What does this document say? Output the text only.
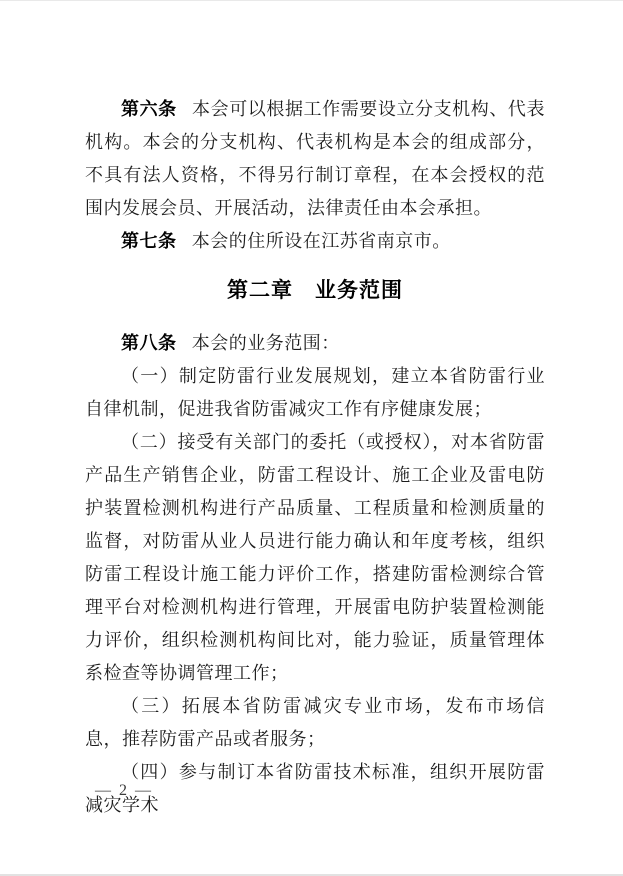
第六条 本会可以根据工作需要设立分支机构、代表机构。本会的分支机构、代表机构是本会的组成部分，不具有法人资格，不得另行制订章程，在本会授权的范围内发展会员、开展活动，法律责任由本会承担。

第七条 本会的住所设在江苏省南京市。

第二章　业务范围

第八条 本会的业务范围：

（一）制定防雷行业发展规划，建立本省防雷行业自律机制，促进我省防雷减灾工作有序健康发展；

（二）接受有关部门的委托（或授权），对本省防雷产品生产销售企业，防雷工程设计、施工企业及雷电防护装置检测机构进行产品质量、工程质量和检测质量的监督，对防雷从业人员进行能力确认和年度考核，组织防雷工程设计施工能力评价工作，搭建防雷检测综合管理平台对检测机构进行管理，开展雷电防护装置检测能力评价，组织检测机构间比对，能力验证，质量管理体系检查等协调管理工作；

（三）拓展本省防雷减灾专业市场，发布市场信息，推荐防雷产品或者服务；

（四）参与制订本省防雷技术标准，组织开展防雷减灾学术

— 2 —
